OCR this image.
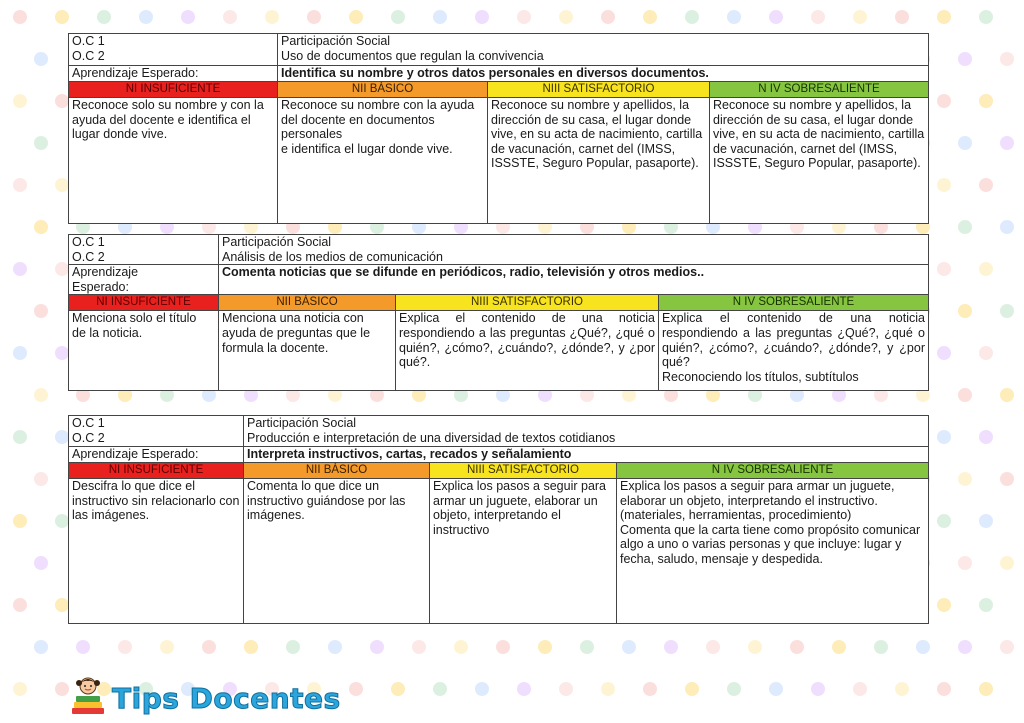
O.C 1
O.C 2	Participación Social
Uso de documentos que regulan la convivencia		
Aprendizaje Esperado:	Identifica su nombre y otros datos personales en diversos documentos.		
NI INSUFICIENTE	NII BÁSICO	NIII SATISFACTORIO	N IV SOBRESALIENTE
Reconoce solo su nombre y con la
ayuda del docente e identifica el lugar donde vive.	Reconoce su nombre con la ayuda
del docente en documentos personales
e identifica el lugar donde vive.	Reconoce su nombre y apellidos, la
dirección de su casa, el lugar donde vive, en su acta de nacimiento, cartilla de vacunación, carnet del (IMSS, ISSSTE, Seguro Popular, pasaporte).	Reconoce su nombre y apellidos, la
dirección de su casa, el lugar donde vive, en su acta de nacimiento, cartilla de vacunación, carnet del (IMSS, ISSSTE, Seguro Popular, pasaporte).
O.C 1
O.C 2	Participación Social
Análisis de los medios de comunicación		
Aprendizaje
Esperado:	Comenta noticias que se difunde en periódicos, radio, televisión y otros medios..		
NI INSUFICIENTE	NII BÁSICO	NIII SATISFACTORIO	N IV SOBRESALIENTE
Menciona solo el título
de la noticia.	Menciona una noticia con ayuda de preguntas que le formula la docente.	Explica el contenido de una noticia respondiendo a las preguntas ¿Qué?, ¿qué o quién?, ¿cómo?, ¿cuándo?, ¿dónde?, y ¿por qué?.	Explica el contenido de una noticia respondiendo a las preguntas ¿Qué?, ¿qué o quién?, ¿cómo?, ¿cuándo?, ¿dónde?, y ¿por qué?
Reconociendo los títulos, subtítulos
O.C 1
O.C 2	Participación Social
Producción e interpretación de una diversidad de textos cotidianos		
Aprendizaje Esperado:	Interpreta instructivos, cartas, recados y señalamiento		
NI INSUFICIENTE	NII BÁSICO	NIII SATISFACTORIO	N IV SOBRESALIENTE
Descifra lo que dice el instructivo sin relacionarlo con las imágenes.	Comenta lo que dice un instructivo guiándose por las imágenes.	Explica los pasos a seguir para
armar un juguete, elaborar un objeto, interpretando el instructivo	Explica los pasos a seguir para armar un juguete,
elaborar un objeto, interpretando el instructivo. (materiales, herramientas, procedimiento)
Comenta que la carta tiene como propósito comunicar algo a uno o varias personas y que incluye: lugar y fecha, saludo, mensaje y despedida.
Tips Docentes
